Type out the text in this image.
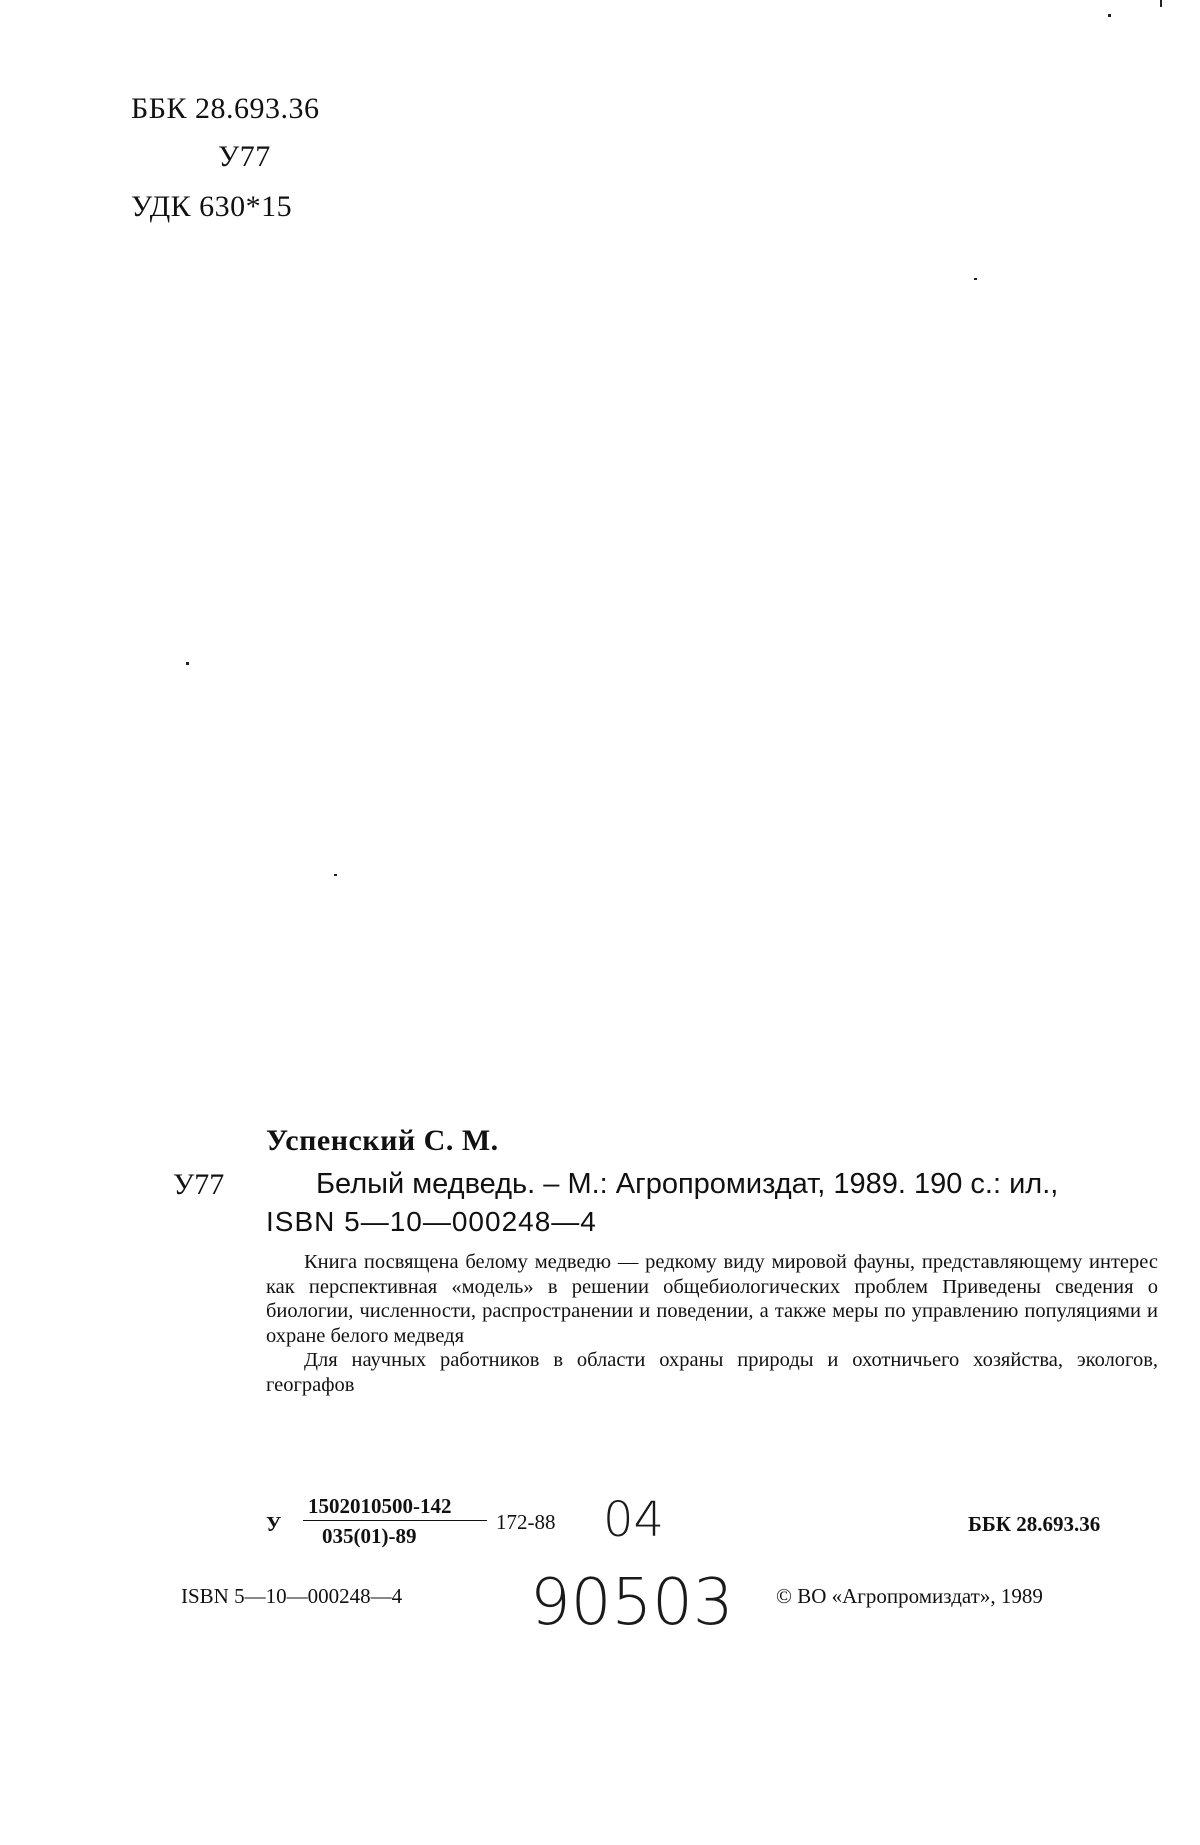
ББК 28.693.36
У77
УДК 630*15
Успенский С. М.
У77	Белый медведь. – М.: Агропромиздат, 1989. 190 с.: ил.,
ISBN 5—10—000248—4

Книга посвящена белому медведю — редкому виду мировой фауны, представляющему интерес как перспективная «модель» в решении общебиологических проблем Приведены сведения о биологии, численности, распространении и поведении, а также меры по управлению популяциями и охране белого медведя

Для научных работников в области охраны природы и охотничьего хозяйства, экологов, географов

У
1502010500-142
035(01)-89
172-88 04	ББК 28.693.36
ISBN 5—10—000248—4 90503 © ВО «Агропромиздат», 1989
